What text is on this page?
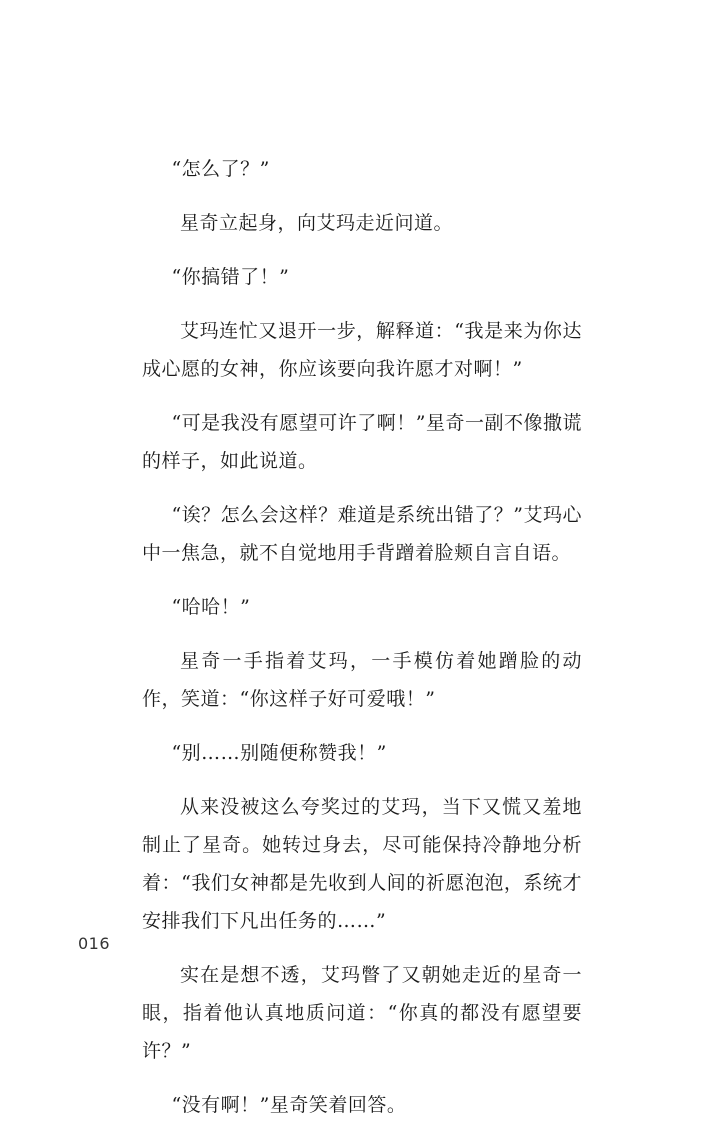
“怎么了？”

星奇立起身，向艾玛走近问道。

“你搞错了！”

艾玛连忙又退开一步，解释道：“我是来为你达成心愿的女神，你应该要向我许愿才对啊！”

“可是我没有愿望可许了啊！”星奇一副不像撒谎的样子，如此说道。

“诶？怎么会这样？难道是系统出错了？”艾玛心中一焦急，就不自觉地用手背蹭着脸颊自言自语。

“哈哈！”

星奇一手指着艾玛，一手模仿着她蹭脸的动作，笑道：“你这样子好可爱哦！”

“别……别随便称赞我！”

从来没被这么夸奖过的艾玛，当下又慌又羞地制止了星奇。她转过身去，尽可能保持冷静地分析着：“我们女神都是先收到人间的祈愿泡泡，系统才安排我们下凡出任务的……”

实在是想不透，艾玛瞥了又朝她走近的星奇一眼，指着他认真地质问道：“你真的都没有愿望要许？”

“没有啊！”星奇笑着回答。

016
